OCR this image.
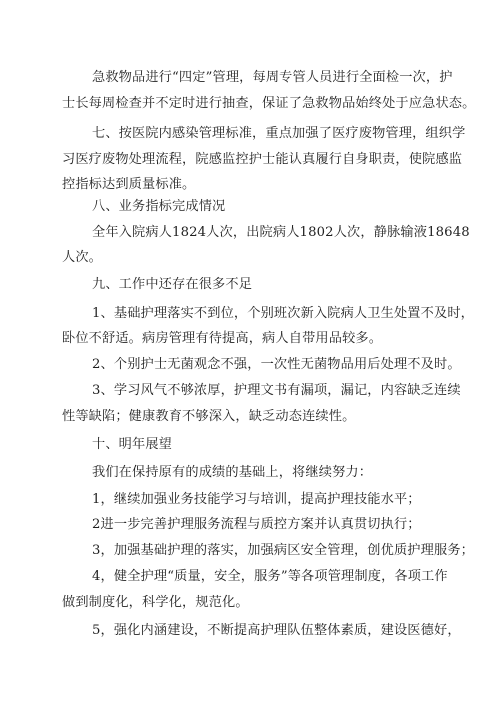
急救物品进行“四定”管理，每周专管人员进行全面检一次，护
士长每周检查并不定时进行抽查，保证了急救物品始终处于应急状态。
七、按医院内感染管理标准，重点加强了医疗废物管理，组织学
习医疗废物处理流程，院感监控护士能认真履行自身职责，使院感监
控指标达到质量标准。
八、业务指标完成情况
全年入院病人1824人次，出院病人1802人次，静脉输液18648
人次。
九、工作中还存在很多不足
1、基础护理落实不到位，个别班次新入院病人卫生处置不及时，
卧位不舒适。病房管理有待提高，病人自带用品较多。
2、个别护士无菌观念不强，一次性无菌物品用后处理不及时。
3、学习风气不够浓厚，护理文书有漏项，漏记，内容缺乏连续
性等缺陷；健康教育不够深入，缺乏动态连续性。
十、明年展望
我们在保持原有的成绩的基础上，将继续努力：
1，继续加强业务技能学习与培训，提高护理技能水平；
2进一步完善护理服务流程与质控方案并认真贯切执行；
3，加强基础护理的落实，加强病区安全管理，创优质护理服务；
4，健全护理“质量，安全，服务”等各项管理制度，各项工作
做到制度化，科学化，规范化。
5，强化内涵建设，不断提高护理队伍整体素质，建设医德好，
